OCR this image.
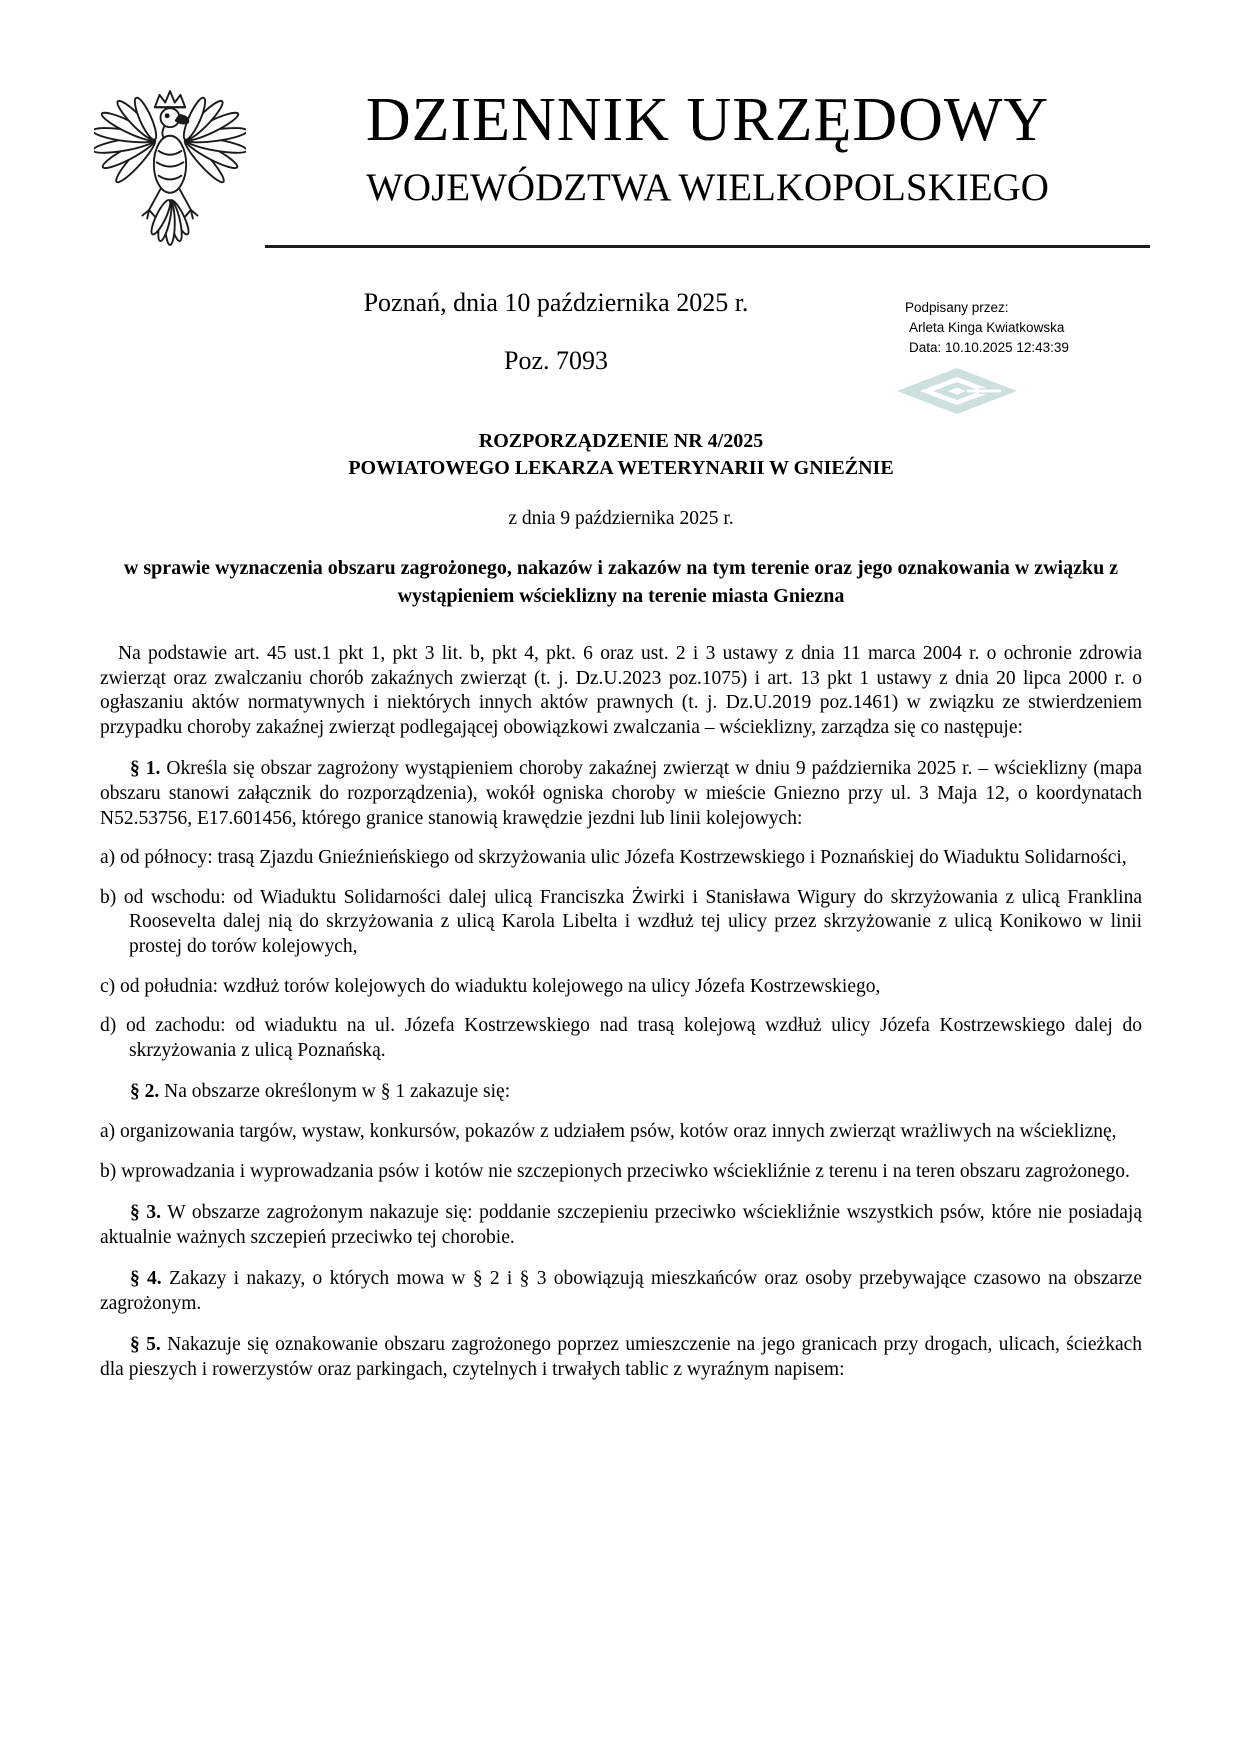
DZIENNIK URZĘDOWY
WOJEWÓDZTWA WIELKOPOLSKIEGO
Poznań, dnia 10 października 2025 r.
Poz. 7093
Podpisany przez:
Arleta Kinga Kwiatkowska
Data: 10.10.2025 12:43:39
ROZPORZĄDZENIE NR 4/2025
POWIATOWEGO LEKARZA WETERYNARII W GNIEŹNIE
z dnia 9 października 2025 r.
w sprawie wyznaczenia obszaru zagrożonego, nakazów i zakazów na tym terenie oraz jego oznakowania w związku z wystąpieniem wścieklizny na terenie miasta Gniezna

Na podstawie art. 45 ust.1 pkt 1, pkt 3 lit. b, pkt 4, pkt. 6 oraz ust. 2 i 3 ustawy z dnia 11 marca 2004 r. o ochronie zdrowia zwierząt oraz zwalczaniu chorób zakaźnych zwierząt (t. j. Dz.U.2023 poz.1075) i art. 13 pkt 1 ustawy z dnia 20 lipca 2000 r. o ogłaszaniu aktów normatywnych i niektórych innych aktów prawnych (t. j. Dz.U.2019 poz.1461) w związku ze stwierdzeniem przypadku choroby zakaźnej zwierząt podlegającej obowiązkowi zwalczania – wścieklizny, zarządza się co następuje:

§ 1. Określa się obszar zagrożony wystąpieniem choroby zakaźnej zwierząt w dniu 9 października 2025 r. – wścieklizny (mapa obszaru stanowi załącznik do rozporządzenia), wokół ogniska choroby w mieście Gniezno przy ul. 3 Maja 12, o koordynatach N52.53756, E17.601456, którego granice stanowią krawędzie jezdni lub linii kolejowych:

a) od północy: trasą Zjazdu Gnieźnieńskiego od skrzyżowania ulic Józefa Kostrzewskiego i Poznańskiej do Wiaduktu Solidarności,

b) od wschodu: od Wiaduktu Solidarności dalej ulicą Franciszka Żwirki i Stanisława Wigury do skrzyżowania z ulicą Franklina Roosevelta dalej nią do skrzyżowania z ulicą Karola Libelta i wzdłuż tej ulicy przez skrzyżowanie z ulicą Konikowo w linii prostej do torów kolejowych,

c) od południa: wzdłuż torów kolejowych do wiaduktu kolejowego na ulicy Józefa Kostrzewskiego,

d) od zachodu: od wiaduktu na ul. Józefa Kostrzewskiego nad trasą kolejową wzdłuż ulicy Józefa Kostrzewskiego dalej do skrzyżowania z ulicą Poznańską.

§ 2. Na obszarze określonym w § 1 zakazuje się:

a) organizowania targów, wystaw, konkursów, pokazów z udziałem psów, kotów oraz innych zwierząt wrażliwych na wściekliznę,

b) wprowadzania i wyprowadzania psów i kotów nie szczepionych przeciwko wściekliźnie z terenu i na teren obszaru zagrożonego.

§ 3. W obszarze zagrożonym nakazuje się: poddanie szczepieniu przeciwko wściekliźnie wszystkich psów, które nie posiadają aktualnie ważnych szczepień przeciwko tej chorobie.

§ 4. Zakazy i nakazy, o których mowa w § 2 i § 3 obowiązują mieszkańców oraz osoby przebywające czasowo na obszarze zagrożonym.

§ 5. Nakazuje się oznakowanie obszaru zagrożonego poprzez umieszczenie na jego granicach przy drogach, ulicach, ścieżkach dla pieszych i rowerzystów oraz parkingach, czytelnych i trwałych tablic z wyraźnym napisem:
